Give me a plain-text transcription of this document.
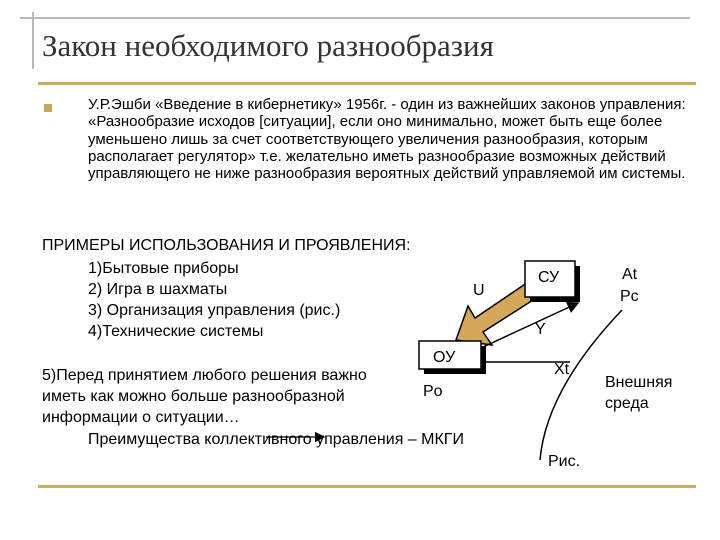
Закон необходимого разнообразия

У.Р.Эшби «Введение в кибернетику» 1956г. - один из важнейших законов управления: «Разнообразие исходов [ситуации], если оно минимально, может быть еще более уменьшено лишь за счет соответствующего увеличения разнообразия, которым располагает регулятор» т.е. желательно иметь разнообразие возможных действий управляющего не ниже разнообразия вероятных действий управляемой им системы.

ПРИМЕРЫ ИСПОЛЬЗОВАНИЯ И ПРОЯВЛЕНИЯ:
1)Бытовые приборы
2) Игра в шахматы
3) Организация управления (рис.)
4)Технические системы
5)Перед принятием любого решения важно
иметь как можно больше разнообразной
информации о ситуации…
Преимущества коллективного управления – МКГИ
СУ
ОУ
At
Pc
U
Y
Xt
Po
Внешняя
среда
Рис.
